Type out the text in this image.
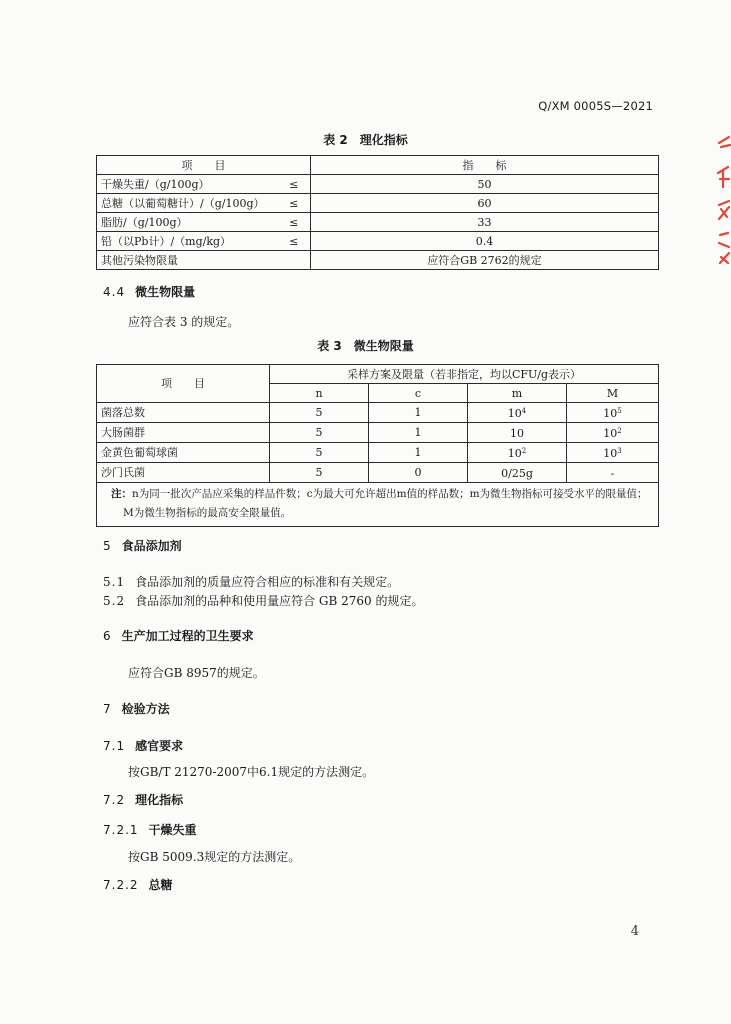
Q/XM 0005S—2021
表 2　理化指标
项　　目		指　　标
干燥失重/（g/100g）	≤	50
总糖（以葡萄糖计）/（g/100g）	≤	60
脂肪/（g/100g）	≤	33
铅（以Pb计）/（mg/kg）	≤	0.4
其他污染物限量		应符合GB 2762的规定
4.4 微生物限量
应符合表 3 的规定。
表 3　微生物限量
项　　目	采样方案及限量（若非指定，均以CFU/g表示）			
	n	c	m	M
菌落总数	5	1	$10^4$	$10^5$
大肠菌群	5	1	10	$10^2$
金黄色葡萄球菌	5	1	$10^2$	$10^3$
沙门氏菌	5	0	0/25g	-
注：n为同一批次产品应采集的样品件数；c为最大可允许超出m值的样品数；m为微生物指标可接受水平的限量值；
M为微生物指标的最高安全限量值。				
5 食品添加剂
5.1 食品添加剂的质量应符合相应的标准和有关规定。
5.2 食品添加剂的品种和使用量应符合 GB 2760 的规定。
6 生产加工过程的卫生要求
应符合GB 8957的规定。
7 检验方法
7.1 感官要求
按GB/T 21270-2007中6.1规定的方法测定。
7.2 理化指标
7.2.1 干燥失重
按GB 5009.3规定的方法测定。
7.2.2 总糖
4
